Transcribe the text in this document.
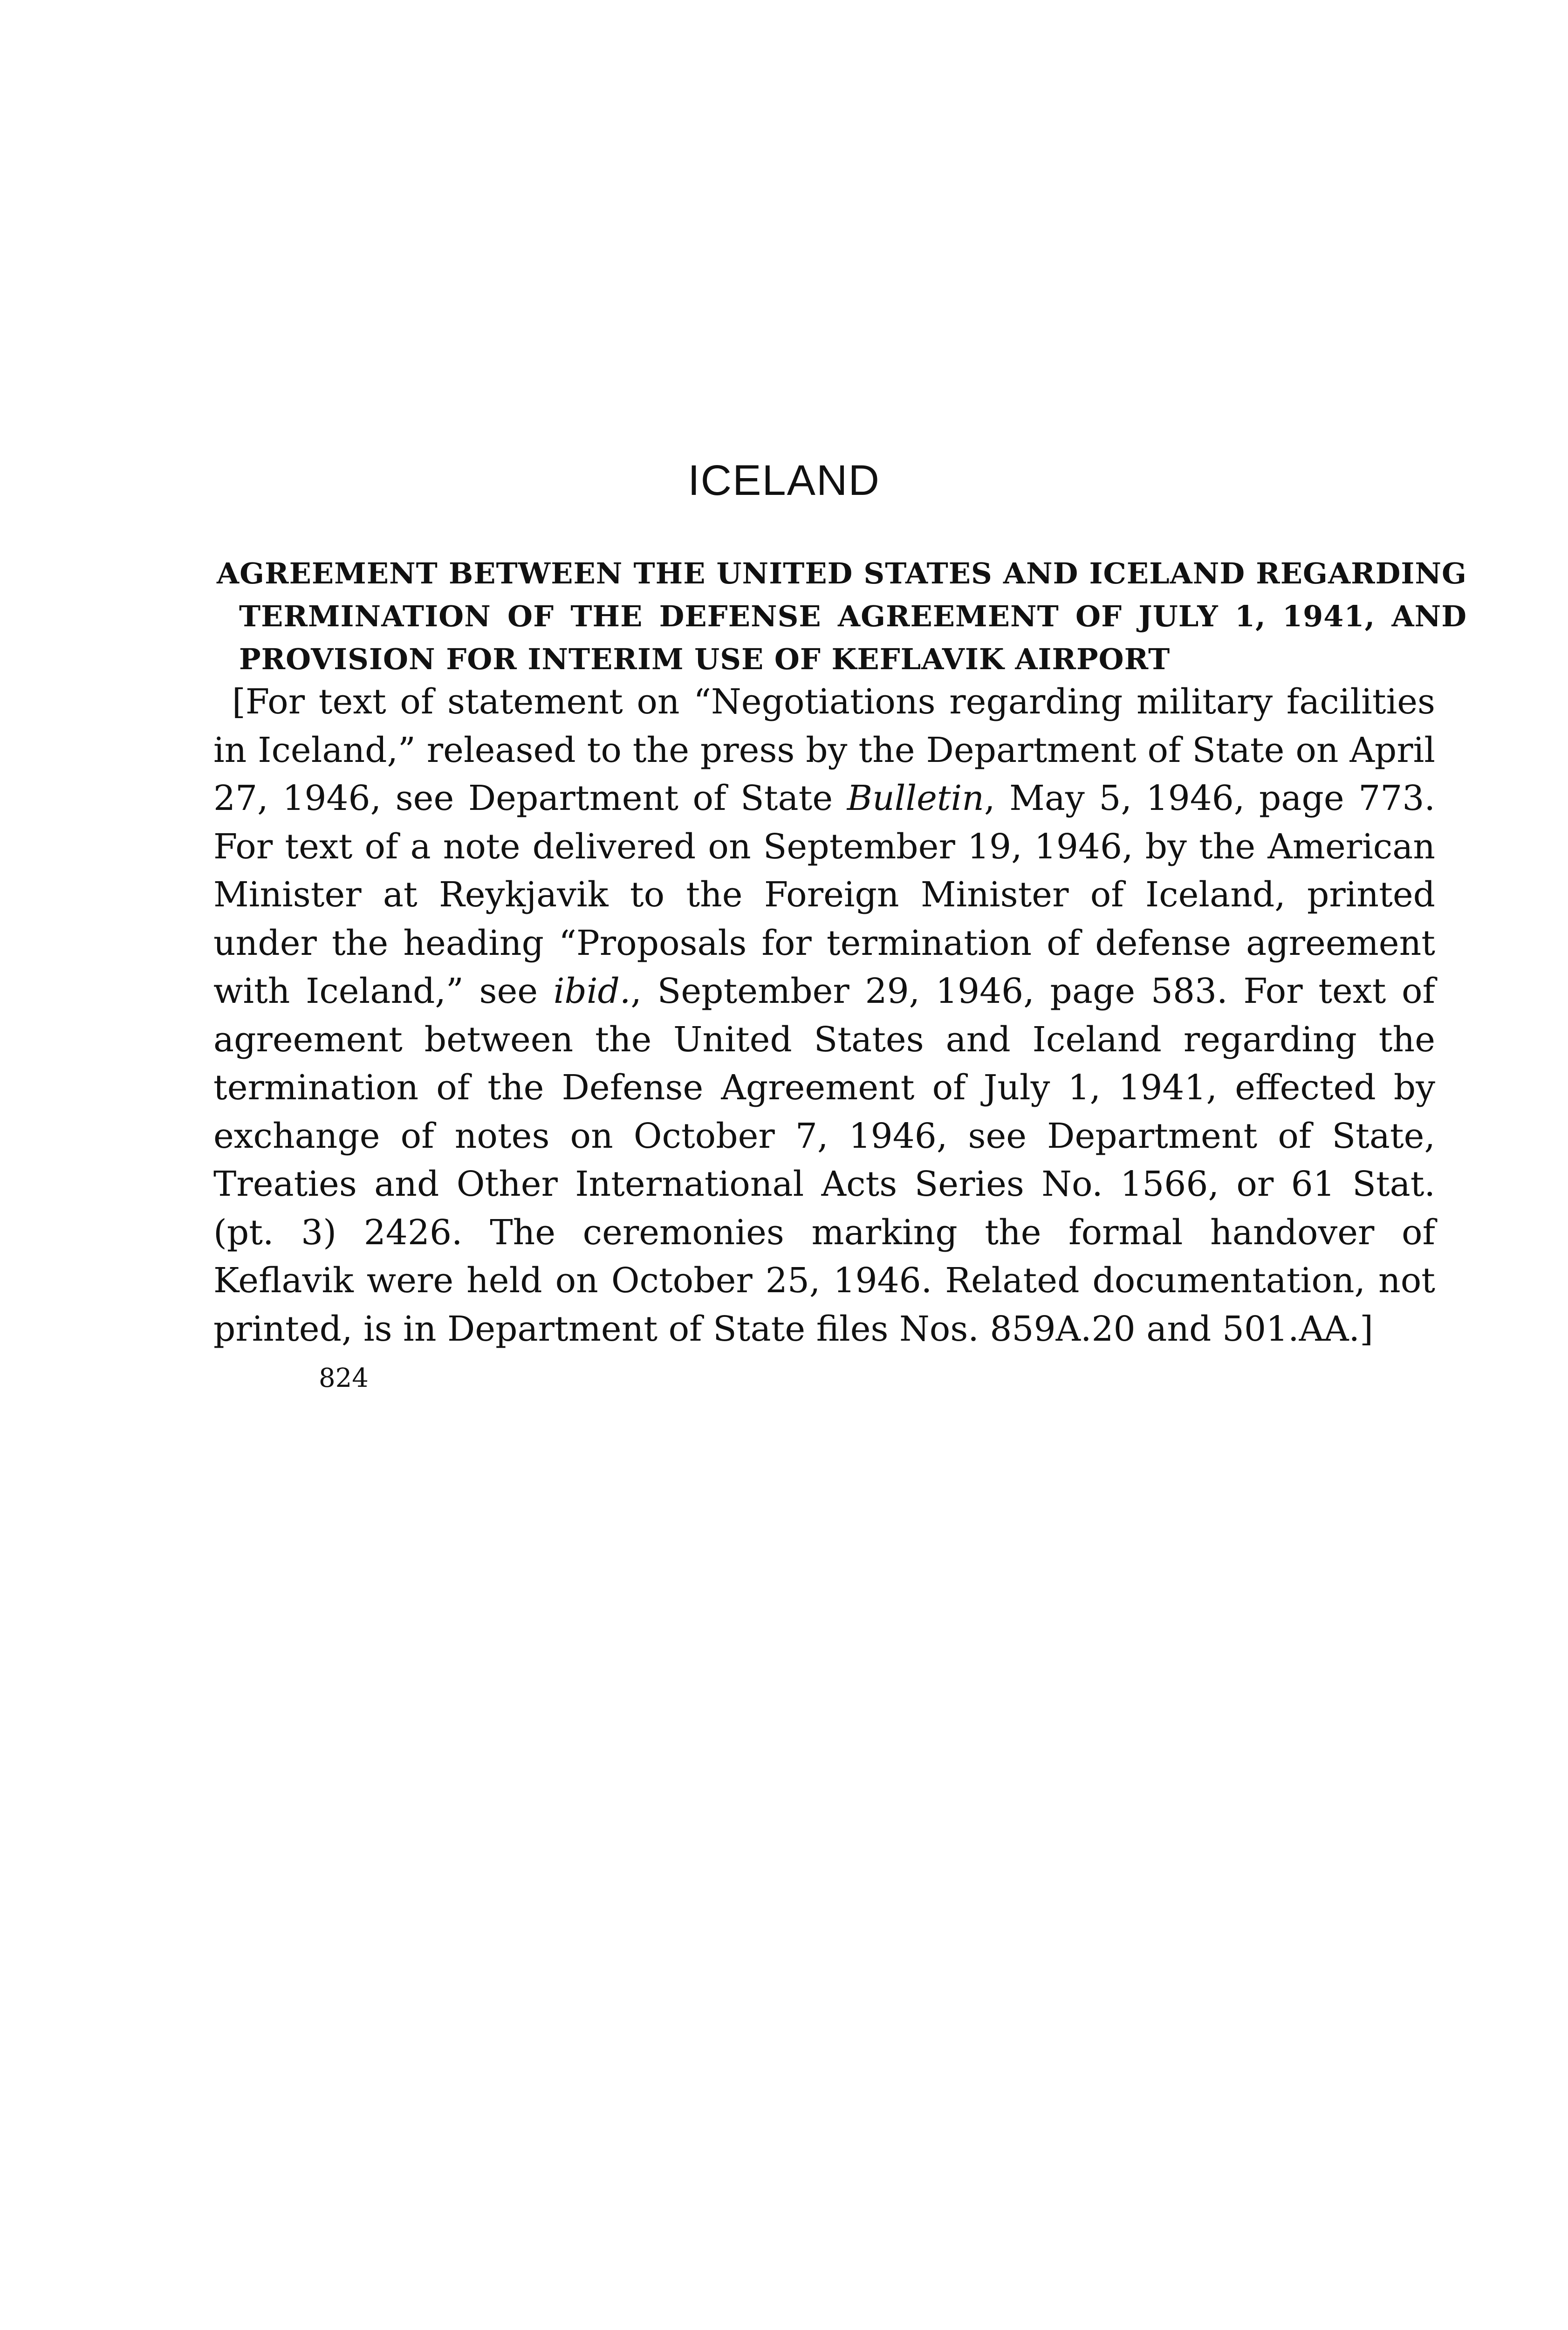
ICELAND

AGREEMENT BETWEEN THE UNITED STATES AND ICELAND REGARDING TERMINATION OF THE DEFENSE AGREEMENT OF JULY 1, 1941, AND PROVISION FOR INTERIM USE OF KEFLAVIK AIRPORT

[For text of statement on “Negotiations regarding military facilities in Iceland,” released to the press by the Department of State on April 27, 1946, see Department of State Bulletin, May 5, 1946, page 773. For text of a note delivered on September 19, 1946, by the American Minister at Reykjavik to the Foreign Minister of Iceland, printed under the heading “Proposals for termination of defense agreement with Iceland,” see ibid., September 29, 1946, page 583. For text of agreement between the United States and Iceland regarding the termination of the Defense Agreement of July 1, 1941, effected by exchange of notes on October 7, 1946, see Department of State, Treaties and Other International Acts Series No. 1566, or 61 Stat. (pt. 3) 2426. The ceremonies marking the formal handover of Keflavik were held on October 25, 1946. Related documentation, not printed, is in Department of State files Nos. 859A.20 and 501.AA.]

824
